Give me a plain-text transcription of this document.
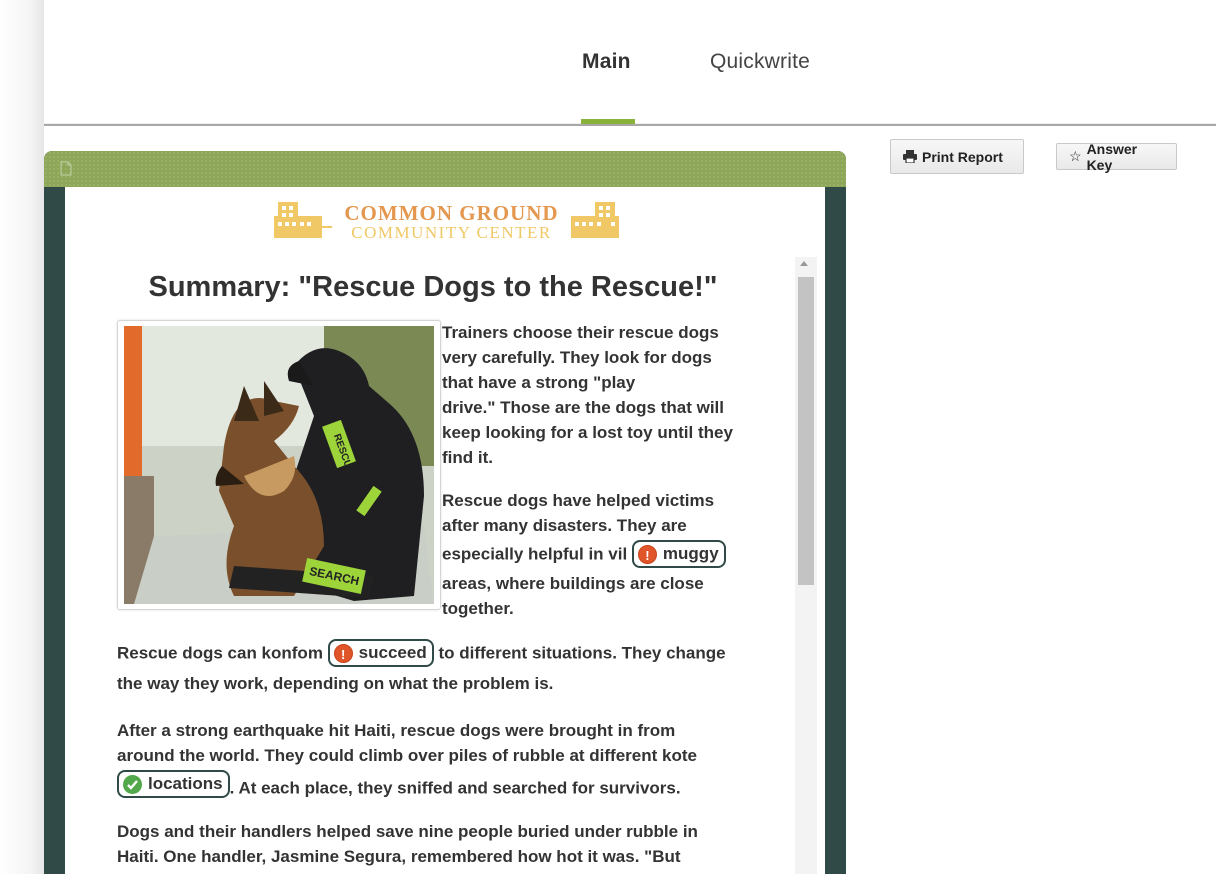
Main	Quickwrite
Print Report	☆ Answer Key
COMMON GROUND
COMMUNITY CENTER
Summary: "Rescue Dogs to the Rescue!"
SEARCH
RESCUE
Trainers choose their rescue dogs
very carefully. They look for dogs
that have a strong "play
drive." Those are the dogs that will
keep looking for a lost toy until they
find it.
Rescue dogs have helped victims
after many disasters. They are
especially helpful in vil	! muggy
areas, where buildings are close
together.
Rescue dogs can konfom	! succeed to different situations. They change
the way they work, depending on what the problem is.
After a strong earthquake hit Haiti, rescue dogs were brought in from
around the world. They could climb over piles of rubble at different kote
locations . At each place, they sniffed and searched for survivors.
Dogs and their handlers helped save nine people buried under rubble in
Haiti. One handler, Jasmine Segura, remembered how hot it was. "But
